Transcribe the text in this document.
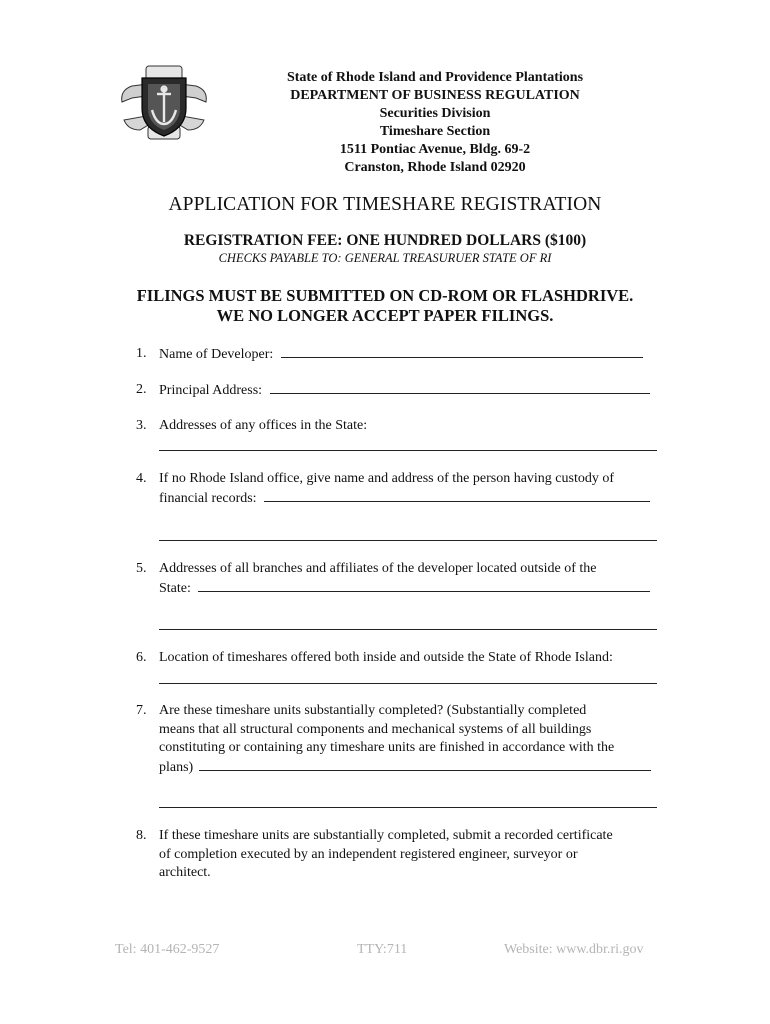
State of Rhode Island and Providence Plantations
DEPARTMENT OF BUSINESS REGULATION
Securities Division
Timeshare Section
1511 Pontiac Avenue, Bldg. 69-2
Cranston, Rhode Island 02920
APPLICATION FOR TIMESHARE REGISTRATION
REGISTRATION FEE: ONE HUNDRED DOLLARS ($100)
CHECKS PAYABLE TO: GENERAL TREASURUER STATE OF RI
FILINGS MUST BE SUBMITTED ON CD-ROM OR FLASHDRIVE.
WE NO LONGER ACCEPT PAPER FILINGS.
1. Name of Developer:
2. Principal Address:
3. Addresses of any offices in the State:
4. If no Rhode Island office, give name and address of the person having custody of
financial records:
5. Addresses of all branches and affiliates of the developer located outside of the
State:
6. Location of timeshares offered both inside and outside the State of Rhode Island:
7. Are these timeshare units substantially completed? (Substantially completed
means that all structural components and mechanical systems of all buildings
constituting or containing any timeshare units are finished in accordance with the
plans)
8. If these timeshare units are substantially completed, submit a recorded certificate
of completion executed by an independent registered engineer, surveyor or
architect.
Tel: 401-462-9527	TTY:711	Website: www.dbr.ri.gov
